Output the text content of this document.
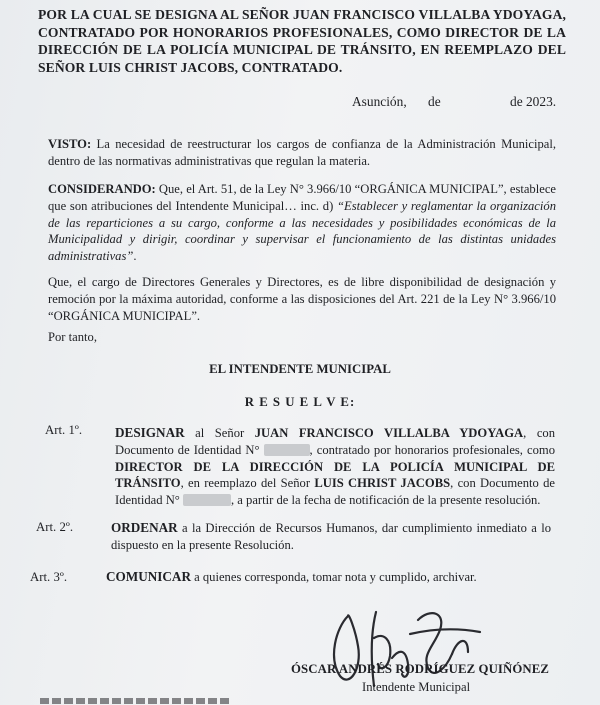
POR LA CUAL SE DESIGNA AL SEÑOR JUAN FRANCISCO VILLALBA YDOYAGA, CONTRATADO POR HONORARIOS PROFESIONALES, COMO DIRECTOR DE LA DIRECCIÓN DE LA POLICÍA MUNICIPAL DE TRÁNSITO, EN REEMPLAZO DEL SEÑOR LUIS CHRIST JACOBS, CONTRATADO.
Asunción, de	de 2023.
VISTO: La necesidad de reestructurar los cargos de confianza de la Administración Municipal, dentro de las normativas administrativas que regulan la materia.
CONSIDERANDO: Que, el Art. 51, de la Ley N° 3.966/10 “ORGÁNICA MUNICIPAL”, establece que son atribuciones del Intendente Municipal… inc. d) “Establecer y reglamentar la organización de las reparticiones a su cargo, conforme a las necesidades y posibilidades económicas de la Municipalidad y dirigir, coordinar y supervisar el funcionamiento de las distintas unidades administrativas”.
Que, el cargo de Directores Generales y Directores, es de libre disponibilidad de designación y remoción por la máxima autoridad, conforme a las disposiciones del Art. 221 de la Ley N° 3.966/10 “ORGÁNICA MUNICIPAL”.
Por tanto,
EL INTENDENTE MUNICIPAL
R E S U E L V E:
Art. 1º. DESIGNAR al Señor JUAN FRANCISCO VILLALBA YDOYAGA, con Documento de Identidad N°	, contratado por honorarios profesionales, como DIRECTOR DE LA DIRECCIÓN DE LA POLICÍA MUNICIPAL DE TRÁNSITO, en reemplazo del Señor LUIS CHRIST JACOBS, con Documento de Identidad N°	, a partir de la fecha de notificación de la presente resolución.
Art. 2º.	ORDENAR a la Dirección de Recursos Humanos, dar cumplimiento inmediato a lo dispuesto en la presente Resolución.
Art. 3º.	COMUNICAR a quienes corresponda, tomar nota y cumplido, archivar.
ÓSCAR ANDRÉS RODRÍGUEZ QUIÑÓNEZ
Intendente Municipal
